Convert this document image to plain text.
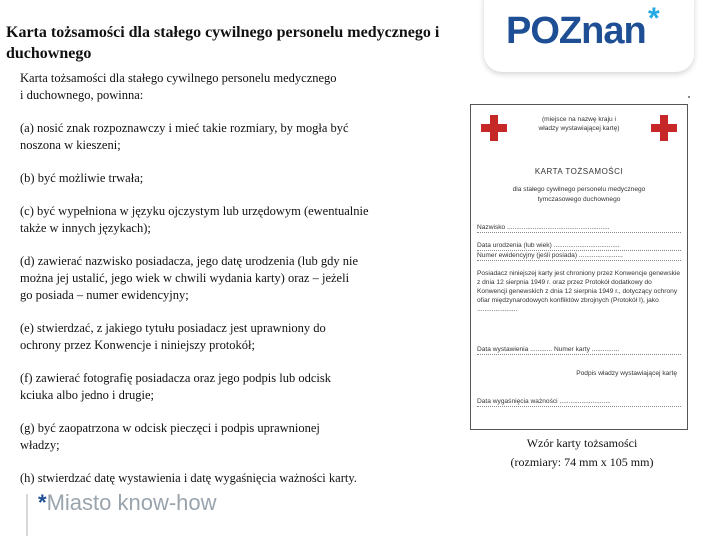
Karta tożsamości dla stałego cywilnego personelu medycznego i duchownego
POZnan *
Karta tożsamości dla stałego cywilnego personelu medycznego
i duchownego, powinna:

(a) nosić znak rozpoznawczy i mieć takie rozmiary, by mogła być
noszona w kieszeni;

(b) być możliwie trwała;

(c) być wypełniona w języku ojczystym lub urzędowym (ewentualnie
także w innych językach);

(d) zawierać nazwisko posiadacza, jego datę urodzenia (lub gdy nie
można jej ustalić, jego wiek w chwili wydania karty) oraz – jeżeli
go posiada – numer ewidencyjny;

(e) stwierdzać, z jakiego tytułu posiadacz jest uprawniony do
ochrony przez Konwencje i niniejszy protokół;

(f) zawierać fotografię posiadacza oraz jego podpis lub odcisk
kciuka albo jedno i drugie;

(g) być zaopatrzona w odcisk pieczęci i podpis uprawnionej
władzy;

(h) stwierdzać datę wystawienia i datę wygaśnięcia ważności karty.

(miejsce na nazwę kraju i władzy wystawiającej kartę)
KARTA TOŻSAMOŚCI
dla stałego cywilnego personelu medycznego
tymczasowego duchownego
Nazwisko ........................................................
Data urodzenia (lub wiek) ....................................
Numer ewidencyjny (jeśli posiada) ........................
Posiadacz niniejszej karty jest chroniony przez Konwencje genewskie z dnia 12 sierpnia 1949 r. oraz przez Protokół dodatkowy do Konwencji genewskich z dnia 12 sierpnia 1949 r., dotyczący ochrony ofiar międzynarodowych konfliktów zbrojnych (Protokół I), jako ......................
Data wystawienia ............ Numer karty ...............
Podpis władzy wystawiającej kartę
Data wygaśnięcia ważności ............................
Wzór karty tożsamości
(rozmiary: 74 mm x 105 mm)
*Miasto know-how
